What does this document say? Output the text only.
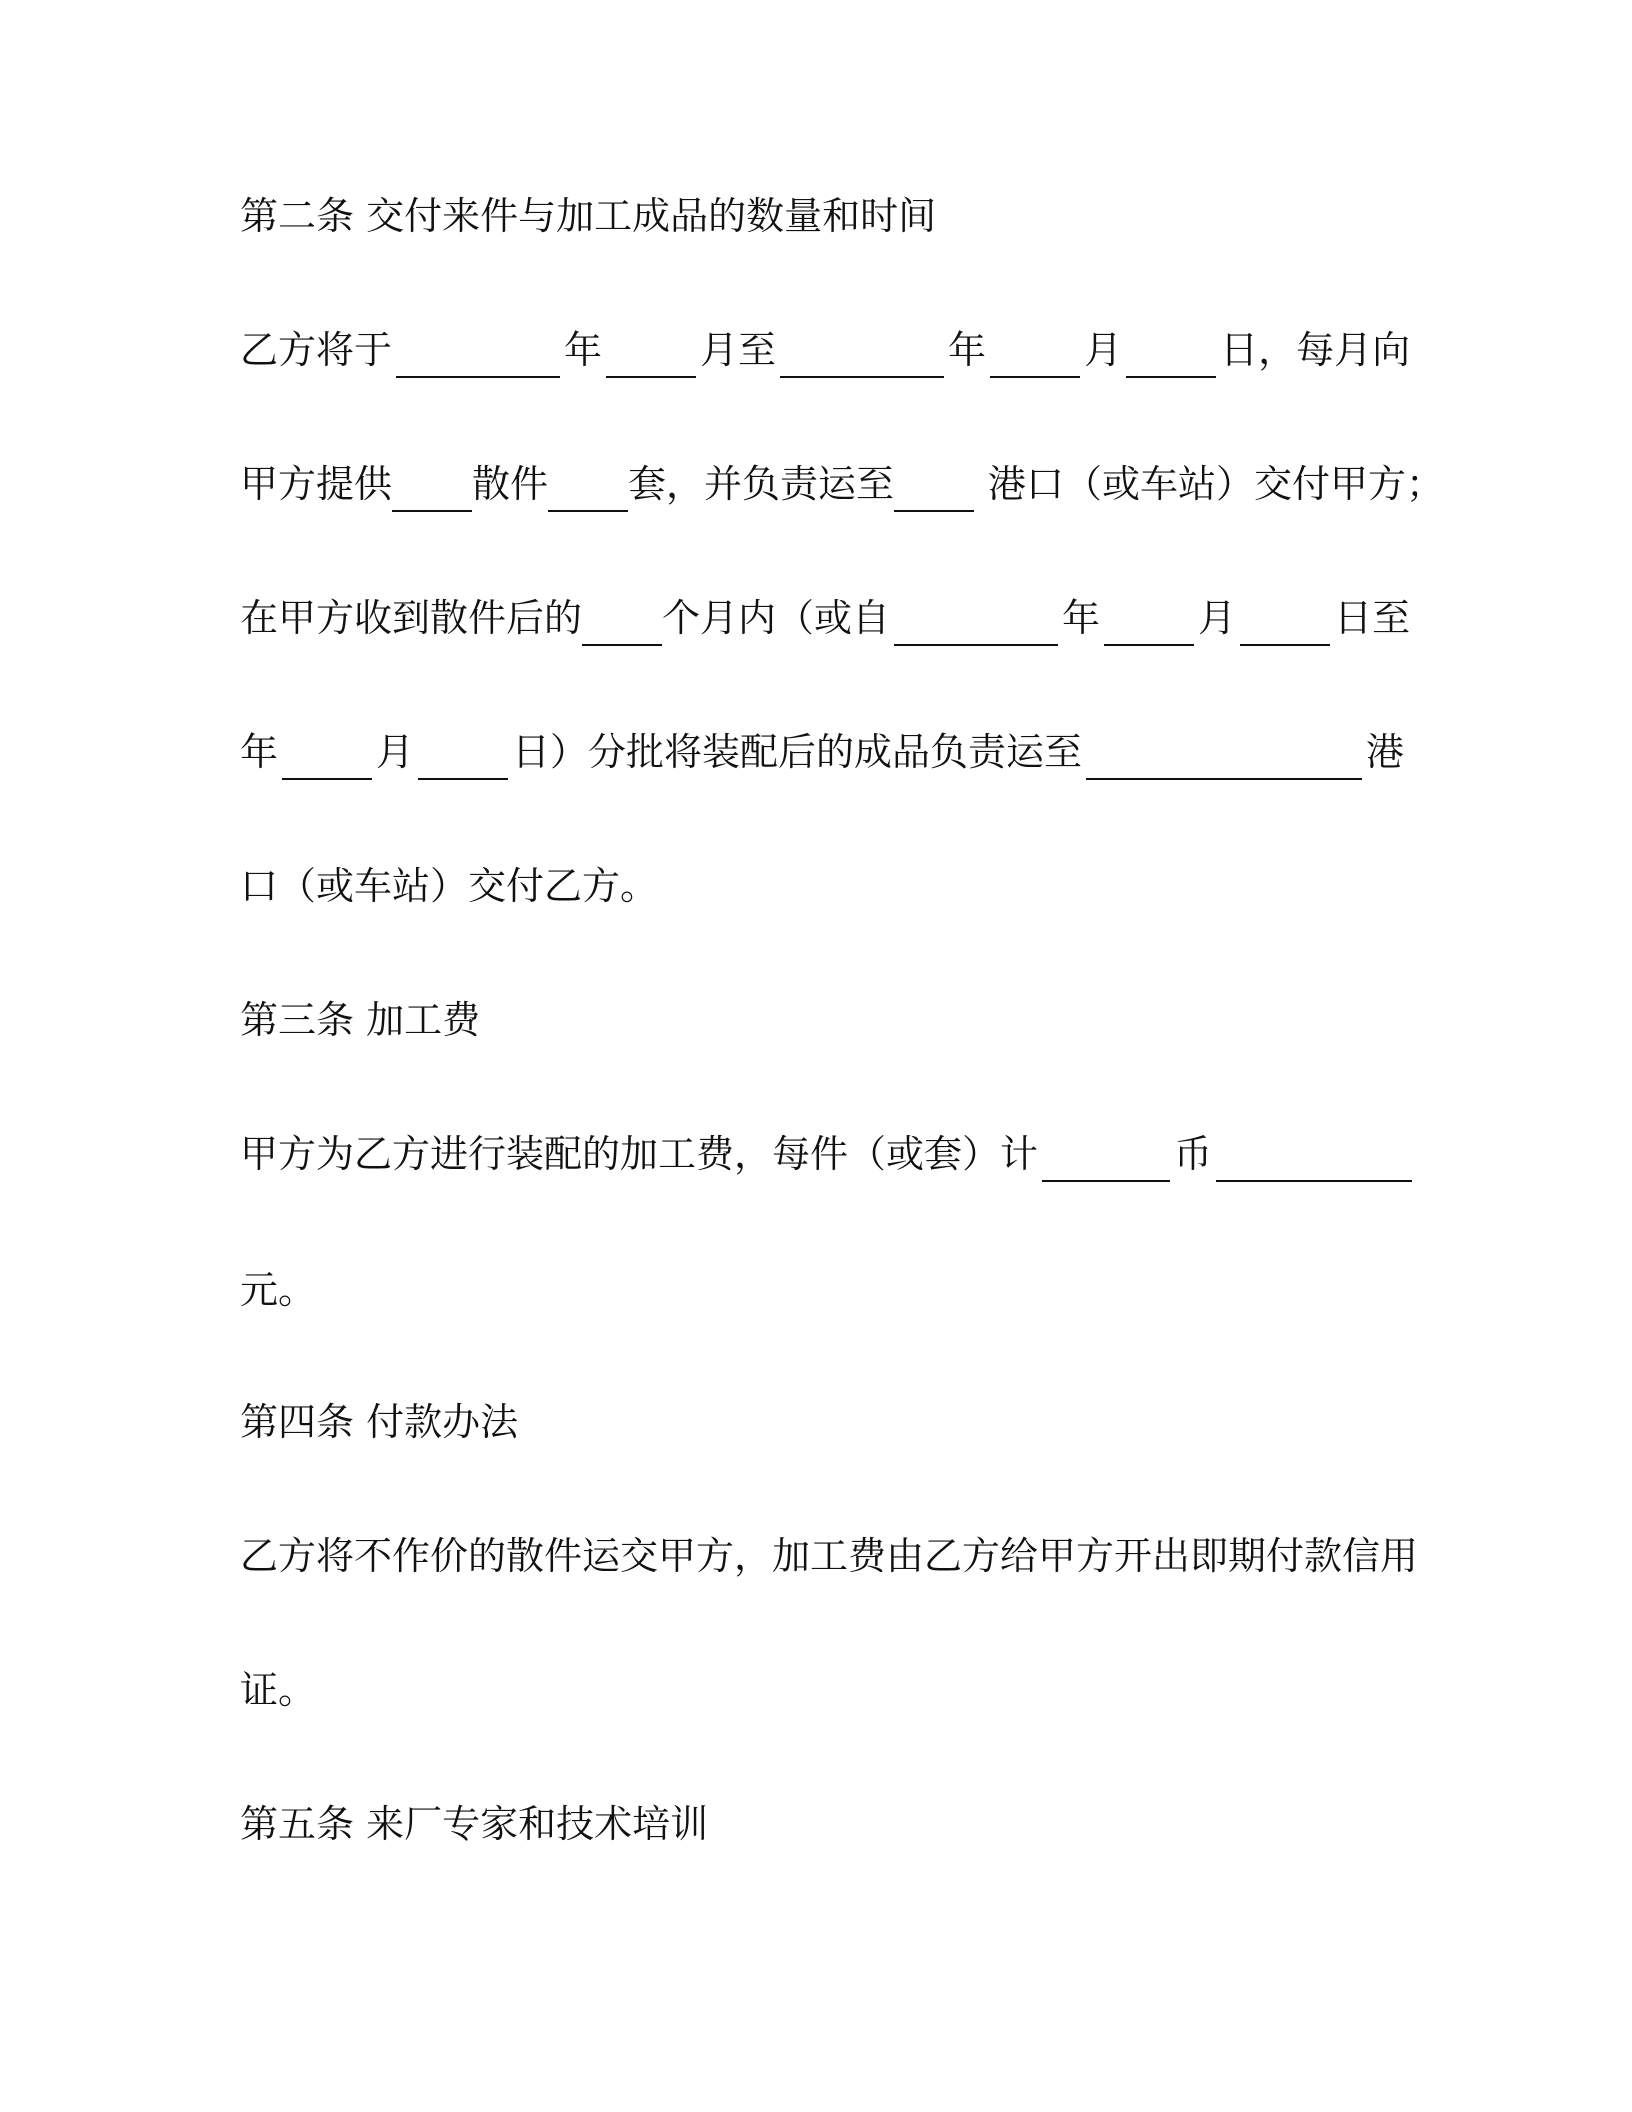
第二条 交付来件与加工成品的数量和时间
乙方将于	年	月至	年	月	日，每月向
甲方提供 散件 套，并负责运至 港口（或车站）交付甲方；
在甲方收到散件后的 个月内（或自	年	月	日至
年	月	日）分批将装配后的成品负责运至	港
口（或车站）交付乙方。
第三条 加工费
甲方为乙方进行装配的加工费，每件（或套）计	币
元。
第四条 付款办法
乙方将不作价的散件运交甲方，加工费由乙方给甲方开出即期付款信用
证。
第五条 来厂专家和技术培训
